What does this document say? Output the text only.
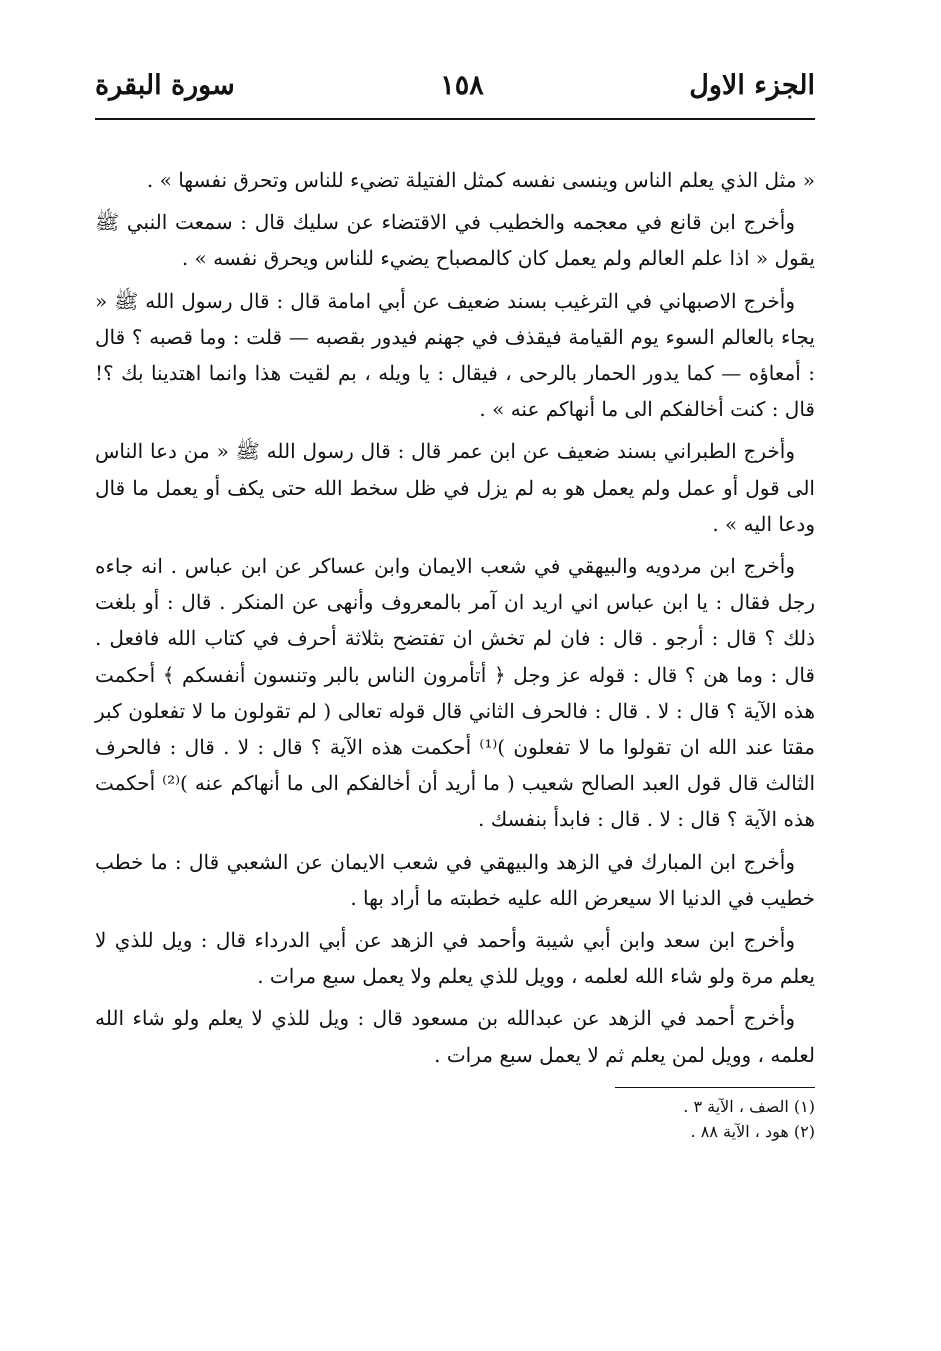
الجزء الاول
١٥٨
سورة البقرة

« مثل الذي يعلم الناس وينسى نفسه كمثل الفتيلة تضيء للناس وتحرق نفسها » .

وأخرج ابن قانع في معجمه والخطيب في الاقتضاء عن سليك قال : سمعت النبي ﷺ يقول « اذا علم العالم ولم يعمل كان كالمصباح يضيء للناس ويحرق نفسه » .

وأخرج الاصبهاني في الترغيب بسند ضعيف عن أبي امامة قال : قال رسول الله ﷺ « يجاء بالعالم السوء يوم القيامة فيقذف في جهنم فيدور بقصبه — قلت : وما قصبه ؟ قال : أمعاؤه — كما يدور الحمار بالرحى ، فيقال : يا ويله ، بم لقيت هذا وانما اهتدينا بك ؟! قال : كنت أخالفكم الى ما أنهاكم عنه » .

وأخرج الطبراني بسند ضعيف عن ابن عمر قال : قال رسول الله ﷺ « من دعا الناس الى قول أو عمل ولم يعمل هو به لم يزل في ظل سخط الله حتى يكف أو يعمل ما قال ودعا اليه » .

وأخرج ابن مردويه والبيهقي في شعب الايمان وابن عساكر عن ابن عباس . انه جاءه رجل فقال : يا ابن عباس اني اريد ان آمر بالمعروف وأنهى عن المنكر . قال : أو بلغت ذلك ؟ قال : أرجو . قال : فان لم تخش ان تفتضح بثلاثة أحرف في كتاب الله فافعل . قال : وما هن ؟ قال : قوله عز وجل ﴿ أتأمرون الناس بالبر وتنسون أنفسكم ﴾ أحكمت هذه الآية ؟ قال : لا . قال : فالحرف الثاني قال قوله تعالى ( لم تقولون ما لا تفعلون كبر مقتا عند الله ان تقولوا ما لا تفعلون )⁽¹⁾ أحكمت هذه الآية ؟ قال : لا . قال : فالحرف الثالث قال قول العبد الصالح شعيب ( ما أريد أن أخالفكم الى ما أنهاكم عنه )⁽²⁾ أحكمت هذه الآية ؟ قال : لا . قال : فابدأ بنفسك .

وأخرج ابن المبارك في الزهد والبيهقي في شعب الايمان عن الشعبي قال : ما خطب خطيب في الدنيا الا سيعرض الله عليه خطبته ما أراد بها .

وأخرج ابن سعد وابن أبي شيبة وأحمد في الزهد عن أبي الدرداء قال : ويل للذي لا يعلم مرة ولو شاء الله لعلمه ، وويل للذي يعلم ولا يعمل سبع مرات .

وأخرج أحمد في الزهد عن عبدالله بن مسعود قال : ويل للذي لا يعلم ولو شاء الله لعلمه ، وويل لمن يعلم ثم لا يعمل سبع مرات .

(١) الصف ، الآية ٣ .

(٢) هود ، الآية ٨٨ .
